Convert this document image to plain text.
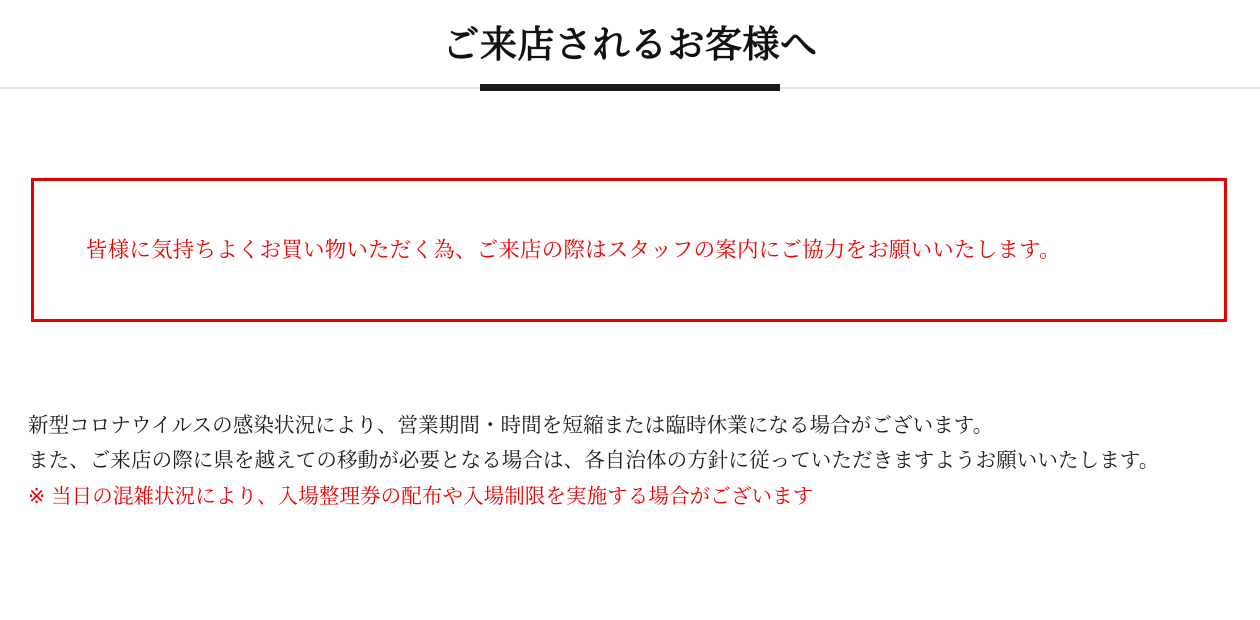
ご来店されるお客様へ
皆様に気持ちよくお買い物いただく為、ご来店の際はスタッフの案内にご協力をお願いいたします。

新型コロナウイルスの感染状況により、営業期間・時間を短縮または臨時休業になる場合がございます。

また、ご来店の際に県を越えての移動が必要となる場合は、各自治体の方針に従っていただきますようお願いいたします。

※ 当日の混雑状況により、入場整理券の配布や入場制限を実施する場合がございます
